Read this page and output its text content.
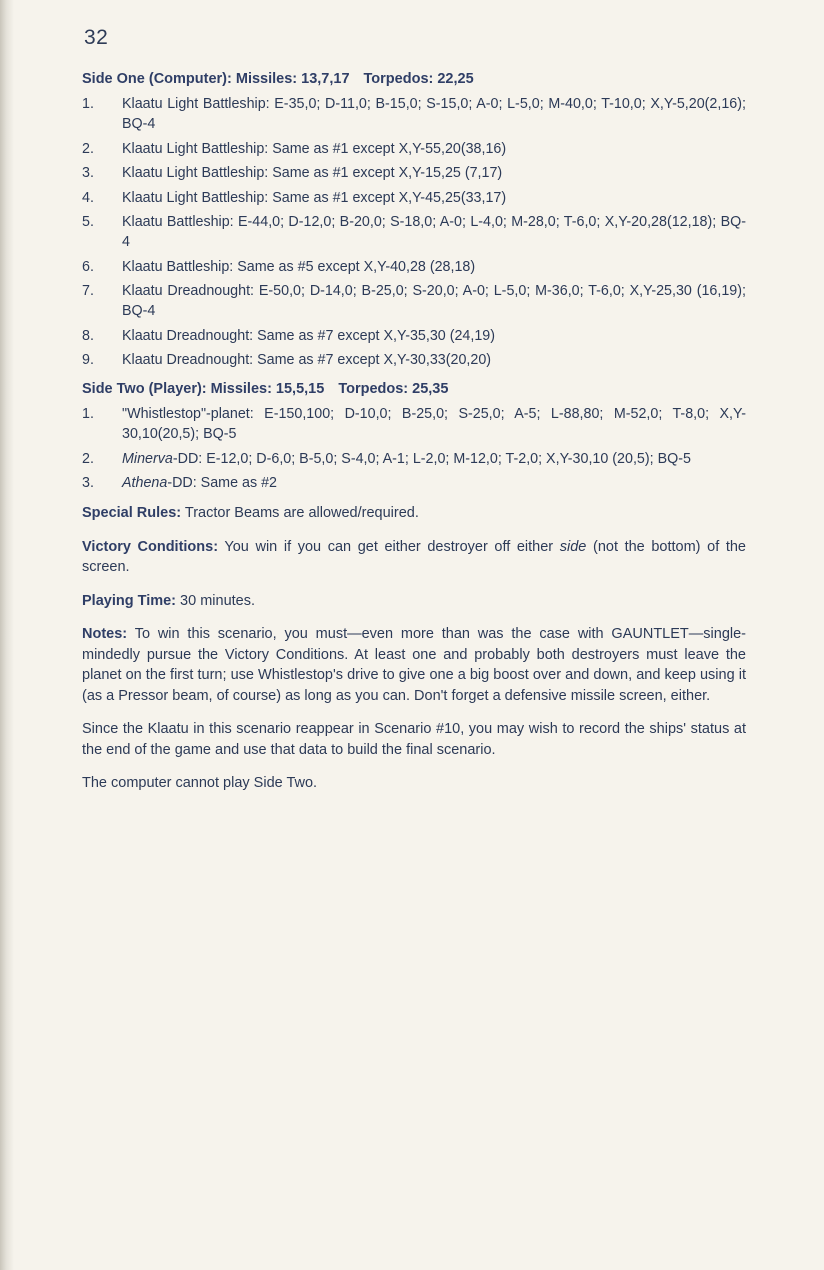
32
Side One (Computer): Missiles: 13,7,17 Torpedos: 22,25
1.	Klaatu Light Battleship: E-35,0; D-11,0; B-15,0; S-15,0; A-0; L-5,0; M-40,0; T-10,0; X,Y-5,20(2,16); BQ-4
2.	Klaatu Light Battleship: Same as #1 except X,Y-55,20(38,16)
3.	Klaatu Light Battleship: Same as #1 except X,Y-15,25 (7,17)
4.	Klaatu Light Battleship: Same as #1 except X,Y-45,25(33,17)
5.	Klaatu Battleship: E-44,0; D-12,0; B-20,0; S-18,0; A-0; L-4,0; M-28,0; T-6,0; X,Y-20,28(12,18); BQ-4
6.	Klaatu Battleship: Same as #5 except X,Y-40,28 (28,18)
7.	Klaatu Dreadnought: E-50,0; D-14,0; B-25,0; S-20,0; A-0; L-5,0; M-36,0; T-6,0; X,Y-25,30 (16,19); BQ-4
8.	Klaatu Dreadnought: Same as #7 except X,Y-35,30 (24,19)
9.	Klaatu Dreadnought: Same as #7 except X,Y-30,33(20,20)
Side Two (Player): Missiles: 15,5,15 Torpedos: 25,35
1.	"Whistlestop"-planet: E-150,100; D-10,0; B-25,0; S-25,0; A-5; L-88,80; M-52,0; T-8,0; X,Y-30,10(20,5); BQ-5
2.	Minerva-DD: E-12,0; D-6,0; B-5,0; S-4,0; A-1; L-2,0; M-12,0; T-2,0; X,Y-30,10 (20,5); BQ-5
3.	Athena-DD: Same as #2

Special Rules: Tractor Beams are allowed/required.

Victory Conditions: You win if you can get either destroyer off either side (not the bottom) of the screen.

Playing Time: 30 minutes.

Notes: To win this scenario, you must—even more than was the case with GAUNTLET—single-mindedly pursue the Victory Conditions. At least one and probably both destroyers must leave the planet on the first turn; use Whistlestop's drive to give one a big boost over and down, and keep using it (as a Pressor beam, of course) as long as you can. Don't forget a defensive missile screen, either.

Since the Klaatu in this scenario reappear in Scenario #10, you may wish to record the ships' status at the end of the game and use that data to build the final scenario.

The computer cannot play Side Two.
